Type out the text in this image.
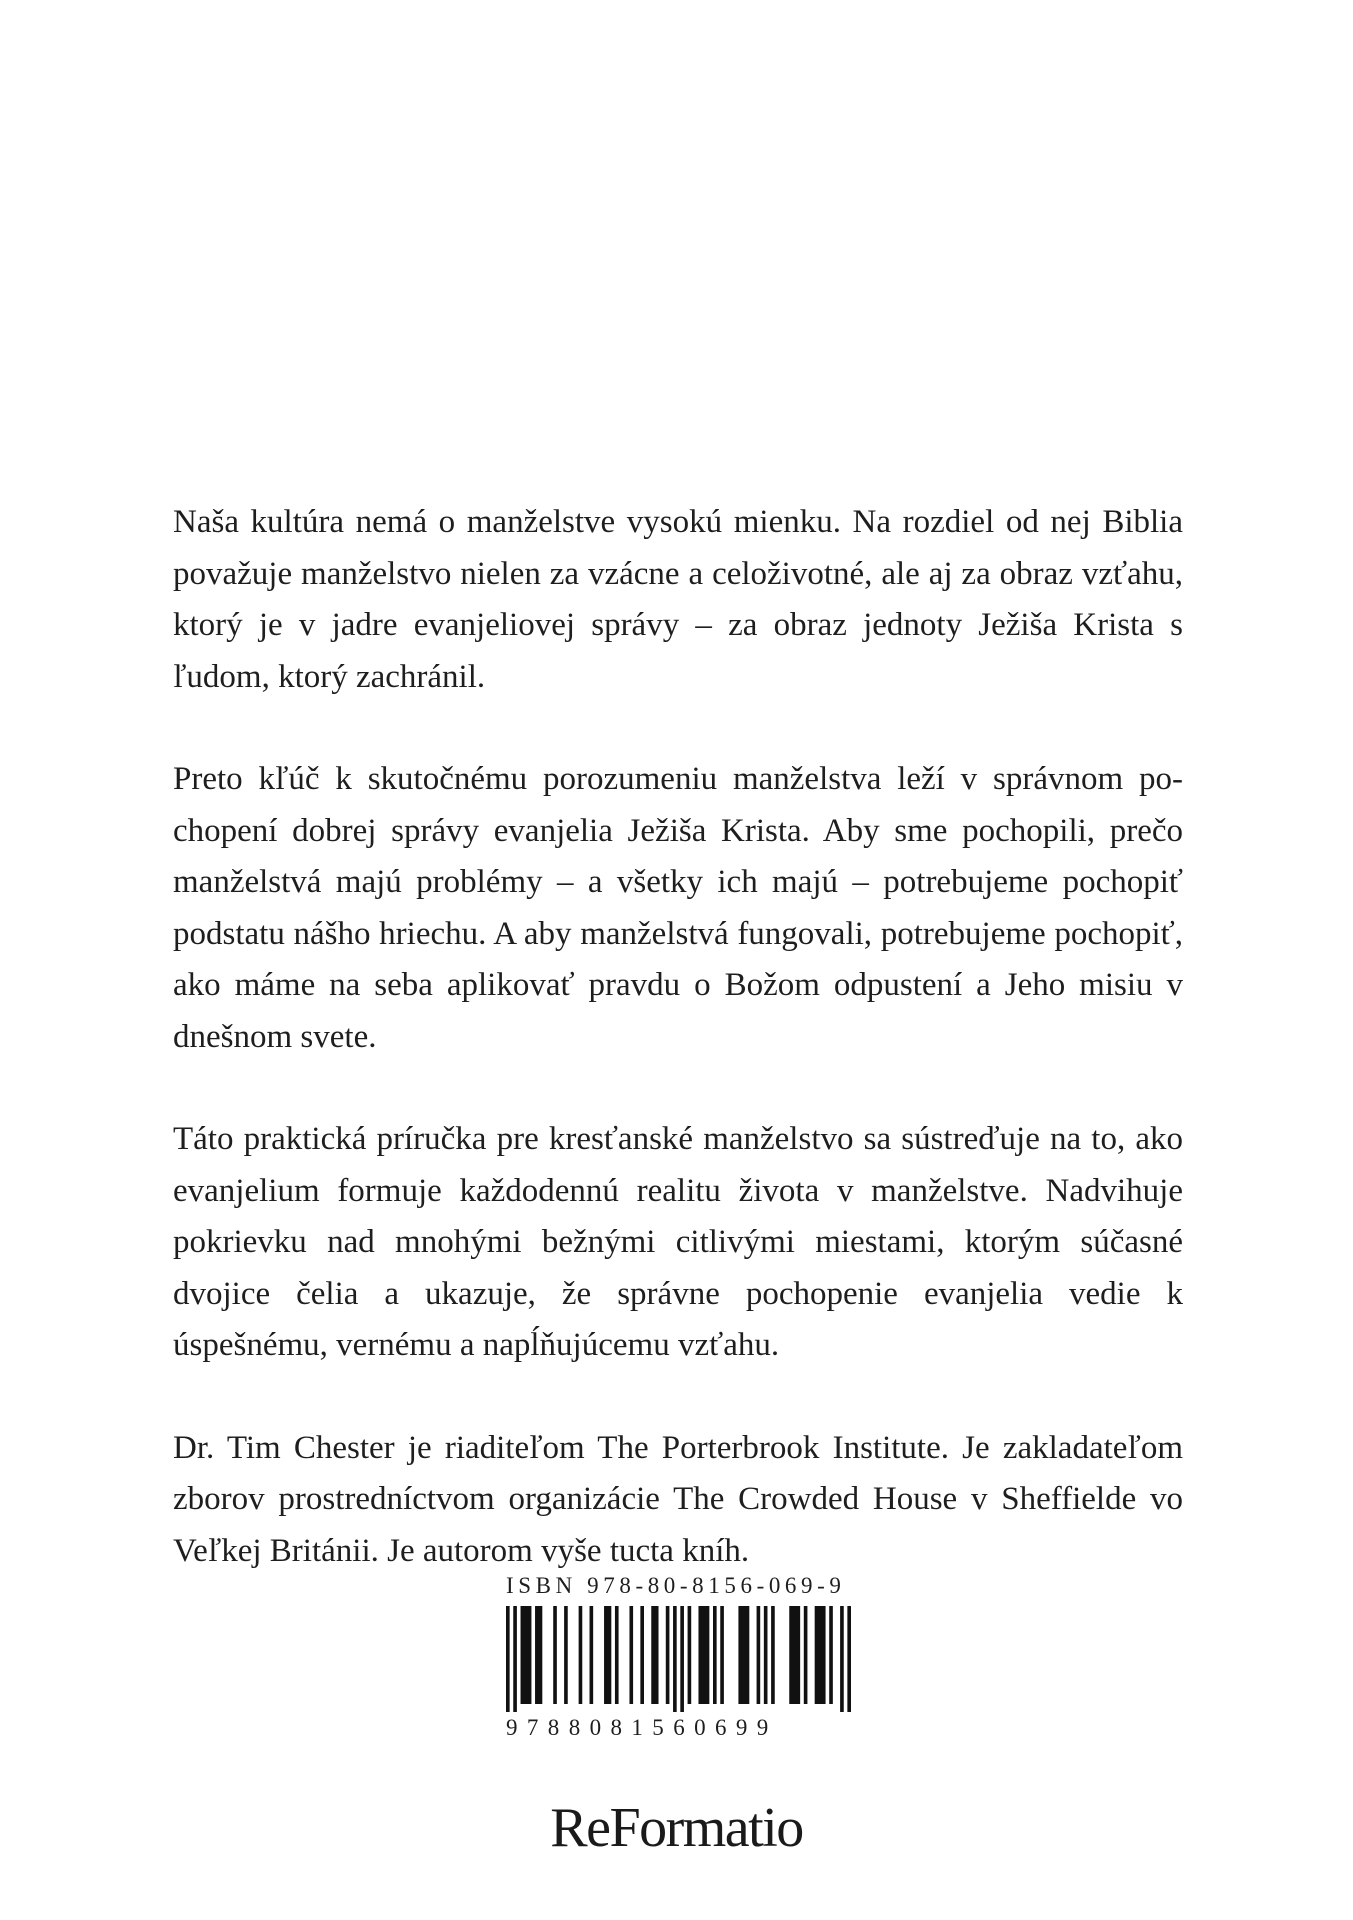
Naša kultúra nemá o manželstve vysokú mienku. Na rozdiel od nej Biblia považuje manželstvo nielen za vzácne a celoživotné, ale aj za obraz vzťahu, ktorý je v jadre evanjeliovej správy – za obraz jednoty Ježiša Krista s ľudom, ktorý zachránil.

Preto kľúč k skutočnému porozumeniu manželstva leží v správnom pochopení dobrej správy evanjelia Ježiša Krista. Aby sme pochopili, prečo manželstvá majú problémy – a všetky ich majú – potrebujeme pochopiť podstatu nášho hriechu. A aby manželstvá fungovali, potrebujeme pochopiť, ako máme na seba aplikovať pravdu o Božom odpustení a Jeho misiu v dnešnom svete.

Táto praktická príručka pre kresťanské manželstvo sa sústreďuje na to, ako evanjelium formuje každodennú realitu života v manželstve. Nadvihuje pokrievku nad mnohými bežnými citlivými miestami, ktorým súčasné dvojice čelia a ukazuje, že správne pochopenie evanjelia vedie k úspešnému, vernému a napĺňujúcemu vzťahu.

Dr. Tim Chester je riaditeľom The Porterbrook Institute. Je zakladateľom zborov prostredníctvom organizácie The Crowded House v Sheffielde vo Veľkej Británii. Je autorom vyše tucta kníh.

ISBN 978-80-8156-069-9
9788081560699
ReFormatio
